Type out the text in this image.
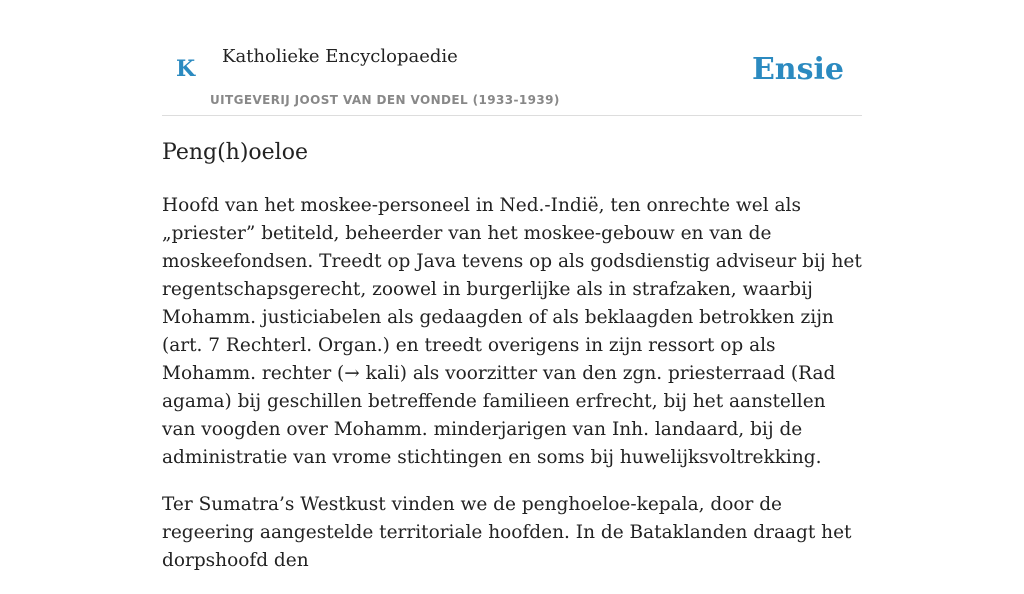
K Katholieke Encyclopaedie
UITGEVERIJ JOOST VAN DEN VONDEL (1933-1939)
Ensie
Peng(h)oeloe

Hoofd van het moskee-personeel in Ned.-Indië, ten onrechte wel als „priester” betiteld, beheerder van het moskee-gebouw en van de moskeefondsen. Treedt op Java tevens op als godsdienstig adviseur bij het regentschapsgerecht, zoowel in burgerlijke als in strafzaken, waarbij Mohamm. justiciabelen als gedaagden of als beklaagden betrokken zijn (art. 7 Rechterl. Organ.) en treedt overigens in zijn ressort op als Mohamm. rechter (→ kali) als voorzitter van den zgn. priesterraad (Rad agama) bij geschillen betreffende familieen erfrecht, bij het aanstellen van voogden over Mohamm. minderjarigen van Inh. landaard, bij de administratie van vrome stichtingen en soms bij huwelijksvoltrekking.

Ter Sumatra’s Westkust vinden we de penghoeloe-kepala, door de regeering aangestelde territoriale hoofden. In de Bataklanden draagt het dorpshoofd den
